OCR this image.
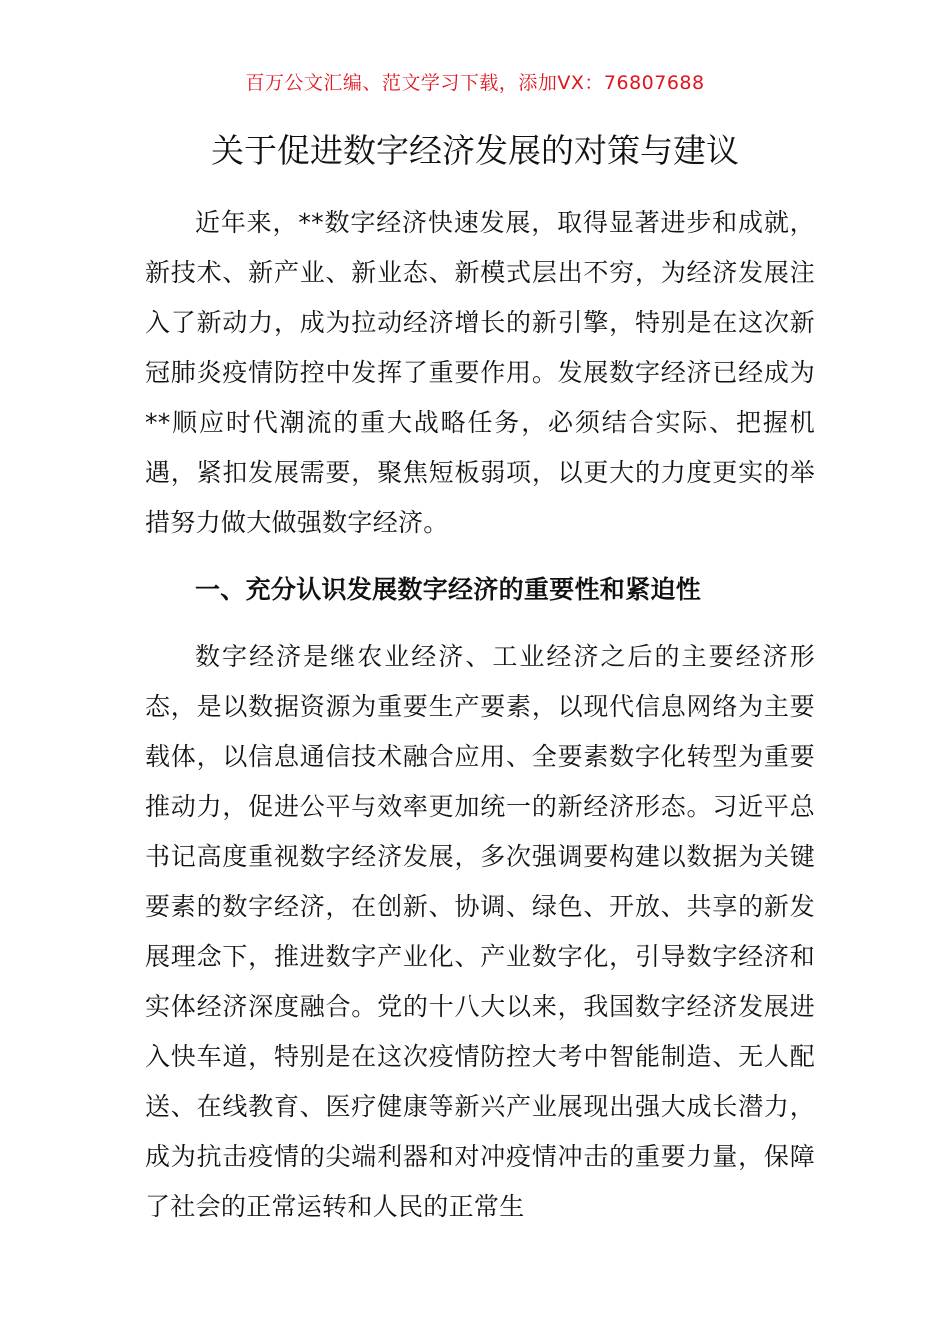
百万公文汇编、范文学习下载，添加VX：76807688
关于促进数字经济发展的对策与建议

近年来，**数字经济快速发展，取得显著进步和成就，新技术、新产业、新业态、新模式层出不穷，为经济发展注入了新动力，成为拉动经济增长的新引擎，特别是在这次新冠肺炎疫情防控中发挥了重要作用。发展数字经济已经成为**顺应时代潮流的重大战略任务，必须结合实际、把握机遇，紧扣发展需要，聚焦短板弱项，以更大的力度更实的举措努力做大做强数字经济。

一、充分认识发展数字经济的重要性和紧迫性

数字经济是继农业经济、工业经济之后的主要经济形态，是以数据资源为重要生产要素，以现代信息网络为主要载体，以信息通信技术融合应用、全要素数字化转型为重要推动力，促进公平与效率更加统一的新经济形态。习近平总书记高度重视数字经济发展，多次强调要构建以数据为关键要素的数字经济，在创新、协调、绿色、开放、共享的新发展理念下，推进数字产业化、产业数字化，引导数字经济和实体经济深度融合。党的十八大以来，我国数字经济发展进入快车道，特别是在这次疫情防控大考中智能制造、无人配送、在线教育、医疗健康等新兴产业展现出强大成长潜力，成为抗击疫情的尖端利器和对冲疫情冲击的重要力量，保障了社会的正常运转和人民的正常生
